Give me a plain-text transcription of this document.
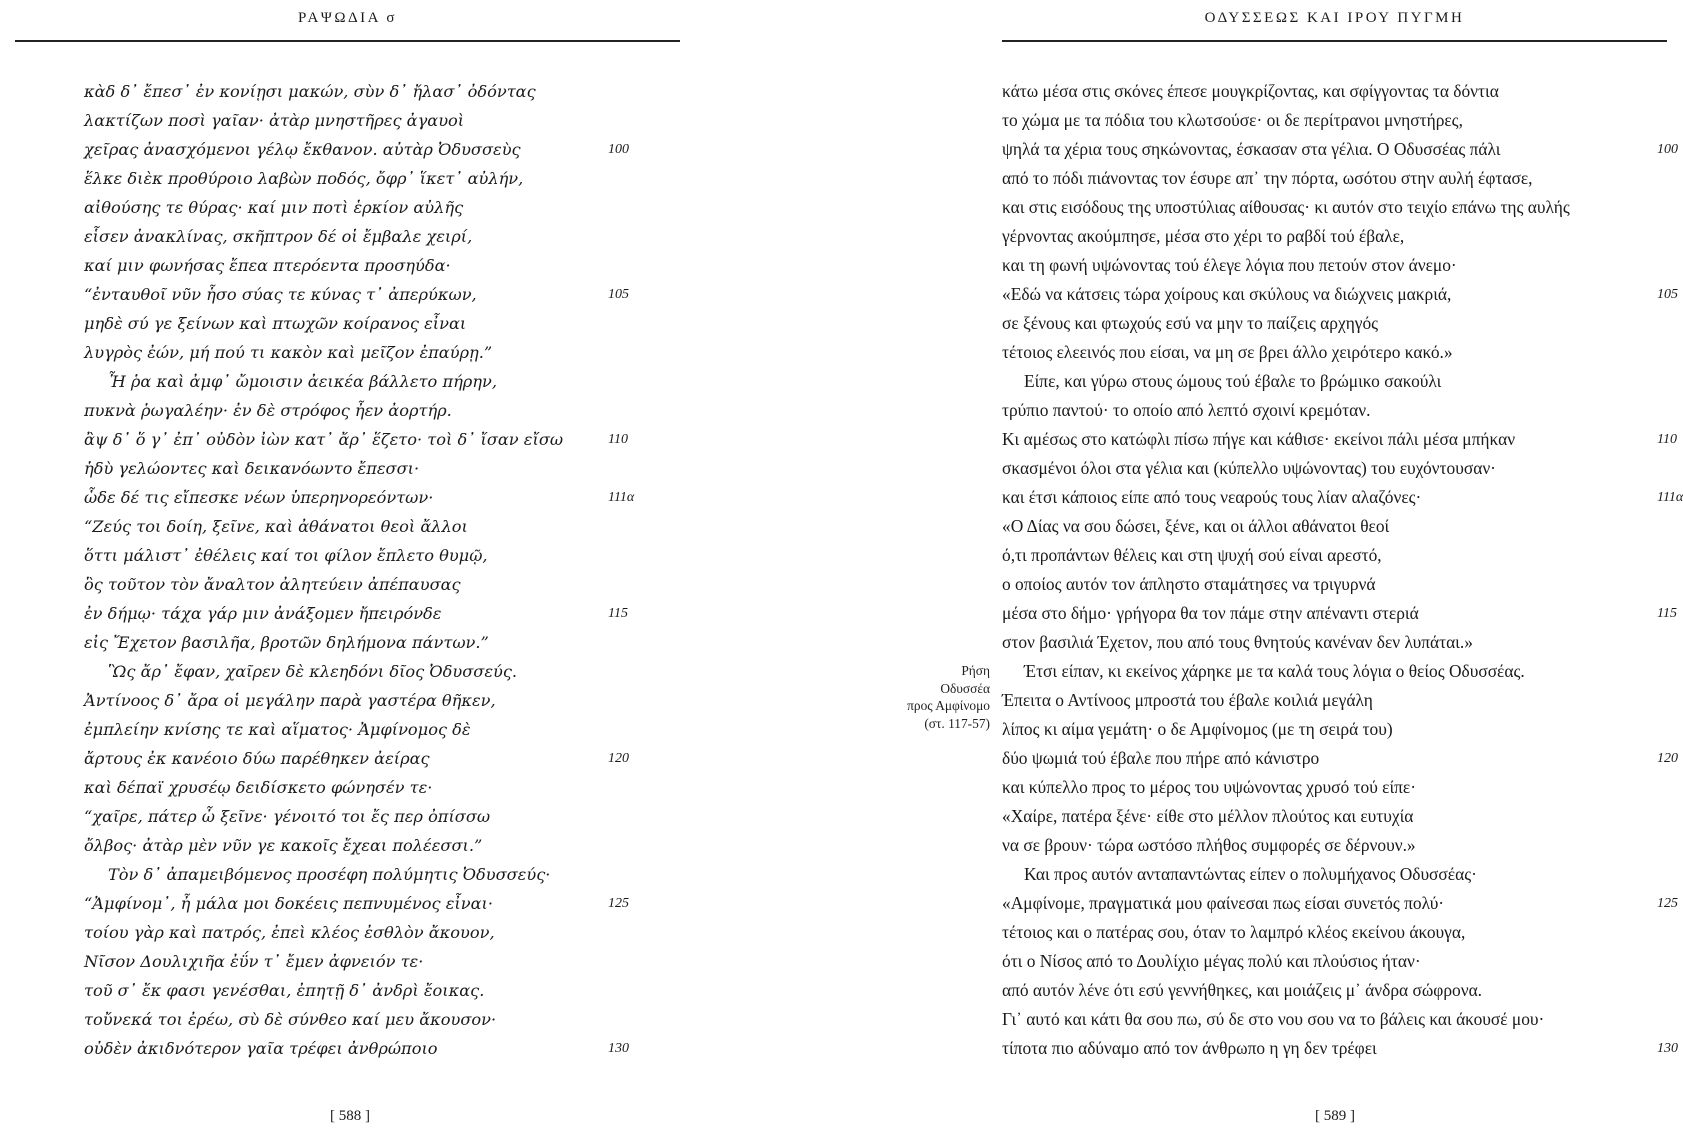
ΡΑΨΩΔΙΑ σ
κὰδ δ᾽ ἔπεσ᾽ ἐν κονίῃσι μακών, σὺν δ᾽ ἤλασ᾽ ὀδόντας
λακτίζων ποσὶ γαῖαν· ἀτὰρ μνηστῆρες ἀγαυοὶ
χεῖρας ἀνασχόμενοι γέλῳ ἔκθανον. αὐτὰρ Ὀδυσσεὺς	100
ἕλκε διὲκ προθύροιο λαβὼν ποδός, ὄφρ᾽ ἵκετ᾽ αὐλήν,
αἰθούσης τε θύρας· καί μιν ποτὶ ἑρκίον αὐλῆς
εἷσεν ἀνακλίνας, σκῆπτρον δέ οἱ ἔμβαλε χειρί,
καί μιν φωνήσας ἔπεα πτερόεντα προσηύδα·
“ἐνταυθοῖ νῦν ἧσο σύας τε κύνας τ᾽ ἀπερύκων,	105
μηδὲ σύ γε ξείνων καὶ πτωχῶν κοίρανος εἶναι
λυγρὸς ἐών, μή πού τι κακὸν καὶ μεῖζον ἐπαύρῃ.”
Ἦ ῥα καὶ ἀμφ᾽ ὤμοισιν ἀεικέα βάλλετο πήρην,
πυκνὰ ῥωγαλέην· ἐν δὲ στρόφος ἦεν ἀορτήρ.
ἂψ δ᾽ ὅ γ᾽ ἐπ᾽ οὐδὸν ἰὼν κατ᾽ ἄρ᾽ ἕζετο· τοὶ δ᾽ ἴσαν εἴσω	110
ἡδὺ γελώοντες καὶ δεικανόωντο ἔπεσσι·
ὧδε δέ τις εἴπεσκε νέων ὑπερηνορεόντων·	111α
“Ζεύς τοι δοίη, ξεῖνε, καὶ ἀθάνατοι θεοὶ ἄλλοι
ὅττι μάλιστ᾽ ἐθέλεις καί τοι φίλον ἔπλετο θυμῷ,
ὃς τοῦτον τὸν ἄναλτον ἀλητεύειν ἀπέπαυσας
ἐν δήμῳ· τάχα γάρ μιν ἀνάξομεν ἤπειρόνδε	115
εἰς Ἔχετον βασιλῆα, βροτῶν δηλήμονα πάντων.”
Ὣς ἄρ᾽ ἔφαν, χαῖρεν δὲ κλεηδόνι δῖος Ὀδυσσεύς.
Ἀντίνοος δ᾽ ἄρα οἱ μεγάλην παρὰ γαστέρα θῆκεν,
ἐμπλείην κνίσης τε καὶ αἵματος· Ἀμφίνομος δὲ
ἄρτους ἐκ κανέοιο δύω παρέθηκεν ἀείρας	120
καὶ δέπαϊ χρυσέῳ δειδίσκετο φώνησέν τε·
“χαῖρε, πάτερ ὦ ξεῖνε· γένοιτό τοι ἔς περ ὀπίσσω
ὄλβος· ἀτὰρ μὲν νῦν γε κακοῖς ἔχεαι πολέεσσι.”
Τὸν δ᾽ ἀπαμειβόμενος προσέφη πολύμητις Ὀδυσσεύς·
“Ἀμφίνομ᾽, ἦ μάλα μοι δοκέεις πεπνυμένος εἶναι·	125
τοίου γὰρ καὶ πατρός, ἐπεὶ κλέος ἐσθλὸν ἄκουον,
Νῖσον Δουλιχιῆα ἐΰν τ᾽ ἔμεν ἀφνειόν τε·
τοῦ σ᾽ ἔκ φασι γενέσθαι, ἐπητῇ δ᾽ ἀνδρὶ ἔοικας.
τοὔνεκά τοι ἐρέω, σὺ δὲ σύνθεο καί μευ ἄκουσον·
οὐδὲν ἀκιδνότερον γαῖα τρέφει ἀνθρώποιο	130
[ 588 ]
ΟΔΥΣΣΕΩΣ ΚΑΙ ΙΡΟΥ ΠΥΓΜΗ
Ρήση
Οδυσσέα
προς Αμφίνομο
(στ. 117-57)
κάτω μέσα στις σκόνες έπεσε μουγκρίζοντας, και σφίγγοντας τα δόντια
το χώμα με τα πόδια του κλωτσούσε· οι δε περίτρανοι μνηστήρες,
ψηλά τα χέρια τους σηκώνοντας, έσκασαν στα γέλια. Ο Οδυσσέας πάλι	100
από το πόδι πιάνοντας τον έσυρε απ᾽ την πόρτα, ωσότου στην αυλή έφτασε,
και στις εισόδους της υποστύλιας αίθουσας· κι αυτόν στο τειχίο επάνω της αυλής
γέρνοντας ακούμπησε, μέσα στο χέρι το ραβδί τού έβαλε,
και τη φωνή υψώνοντας τού έλεγε λόγια που πετούν στον άνεμο·
«Εδώ να κάτσεις τώρα χοίρους και σκύλους να διώχνεις μακριά,	105
σε ξένους και φτωχούς εσύ να μην το παίζεις αρχηγός
τέτοιος ελεεινός που είσαι, να μη σε βρει άλλο χειρότερο κακό.»
Είπε, και γύρω στους ώμους τού έβαλε το βρώμικο σακούλι
τρύπιο παντού· το οποίο από λεπτό σχοινί κρεμόταν.
Κι αμέσως στο κατώφλι πίσω πήγε και κάθισε· εκείνοι πάλι μέσα μπήκαν	110
σκασμένοι όλοι στα γέλια και (κύπελλο υψώνοντας) του ευχόντουσαν·
και έτσι κάποιος είπε από τους νεαρούς τους λίαν αλαζόνες·	111α
«Ο Δίας να σου δώσει, ξένε, και οι άλλοι αθάνατοι θεοί
ό,τι προπάντων θέλεις και στη ψυχή σού είναι αρεστό,
ο οποίος αυτόν τον άπληστο σταμάτησες να τριγυρνά
μέσα στο δήμο· γρήγορα θα τον πάμε στην απέναντι στεριά	115
στον βασιλιά Έχετον, που από τους θνητούς κανέναν δεν λυπάται.»
Έτσι είπαν, κι εκείνος χάρηκε με τα καλά τους λόγια ο θείος Οδυσσέας.
Έπειτα ο Αντίνοος μπροστά του έβαλε κοιλιά μεγάλη
λίπος κι αίμα γεμάτη· ο δε Αμφίνομος (με τη σειρά του)
δύο ψωμιά τού έβαλε που πήρε από κάνιστρο	120
και κύπελλο προς το μέρος του υψώνοντας χρυσό τού είπε·
«Χαίρε, πατέρα ξένε· είθε στο μέλλον πλούτος και ευτυχία
να σε βρουν· τώρα ωστόσο πλήθος συμφορές σε δέρνουν.»
Και προς αυτόν ανταπαντώντας είπεν ο πολυμήχανος Οδυσσέας·
«Αμφίνομε, πραγματικά μου φαίνεσαι πως είσαι συνετός πολύ·	125
τέτοιος και ο πατέρας σου, όταν το λαμπρό κλέος εκείνου άκουγα,
ότι ο Νίσος από το Δουλίχιο μέγας πολύ και πλούσιος ήταν·
από αυτόν λένε ότι εσύ γεννήθηκες, και μοιάζεις μ᾽ άνδρα σώφρονα.
Γι᾽ αυτό και κάτι θα σου πω, σύ δε στο νου σου να το βάλεις και άκουσέ μου·
τίποτα πιο αδύναμο από τον άνθρωπο η γη δεν τρέφει	130
[ 589 ]
